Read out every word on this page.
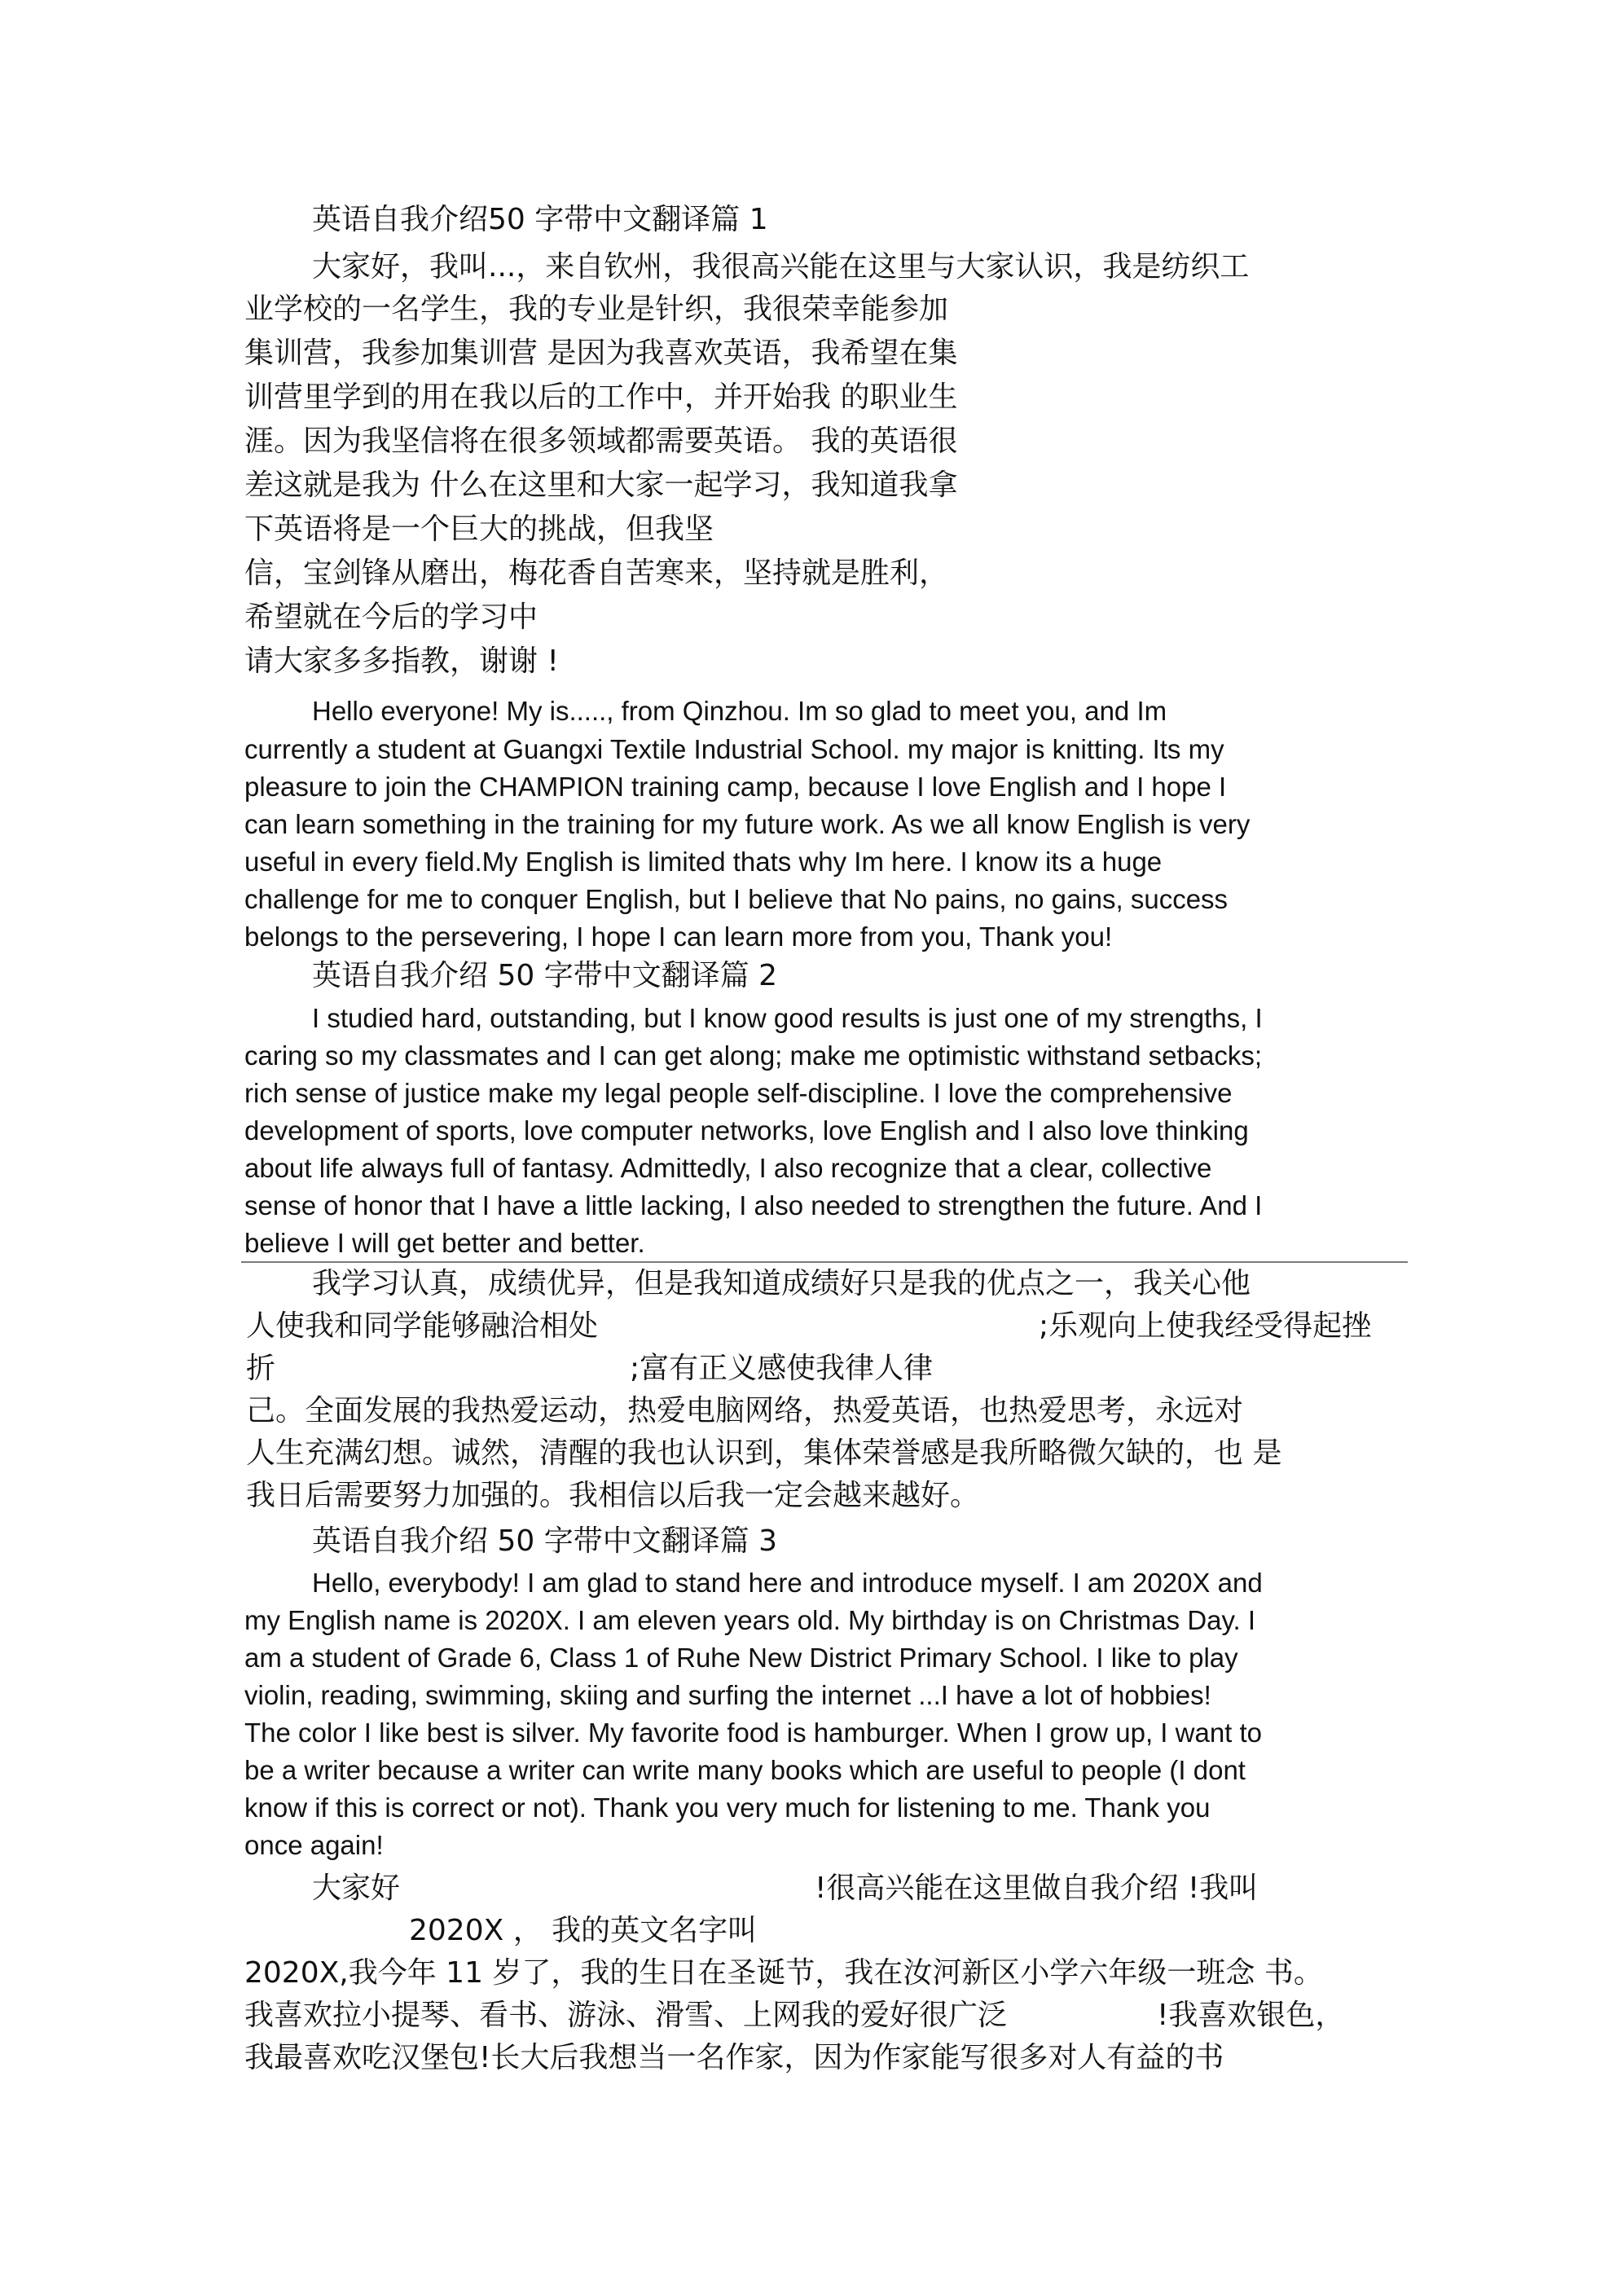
英语自我介绍50 字带中文翻译篇 1
大家好，我叫...，来自钦州，我很高兴能在这里与大家认识，我是纺织工
业学校的一名学生，我的专业是针织，我很荣幸能参加
集训营，我参加集训营 是因为我喜欢英语，我希望在集
训营里学到的用在我以后的工作中，并开始我 的职业生
涯。因为我坚信将在很多领域都需要英语。 我的英语很
差这就是我为 什么在这里和大家一起学习，我知道我拿
下英语将是一个巨大的挑战，但我坚
信，宝剑锋从磨出，梅花香自苦寒来，坚持就是胜利，
希望就在今后的学习中
请大家多多指教，谢谢 !
Hello everyone! My is....., from Qinzhou. Im so glad to meet you, and Im
currently a student at Guangxi Textile Industrial School. my major is knitting. Its my
pleasure to join the CHAMPION training camp, because I love English and I hope I
can learn something in the training for my future work. As we all know English is very
useful in every field.My English is limited thats why Im here. I know its a huge
challenge for me to conquer English, but I believe that No pains, no gains, success
belongs to the persevering, I hope I can learn more from you, Thank you!
英语自我介绍 50 字带中文翻译篇 2
I studied hard, outstanding, but I know good results is just one of my strengths, I
caring so my classmates and I can get along; make me optimistic withstand setbacks;
rich sense of justice make my legal people self-discipline. I love the comprehensive
development of sports, love computer networks, love English and I also love thinking
about life always full of fantasy. Admittedly, I also recognize that a clear, collective
sense of honor that I have a little lacking, I also needed to strengthen the future. And I
believe I will get better and better.
我学习认真，成绩优异，但是我知道成绩好只是我的优点之一，我关心他
人使我和同学能够融洽相处	;乐观向上使我经受得起挫
折	;富有正义感使我律人律
己。全面发展的我热爱运动，热爱电脑网络，热爱英语，也热爱思考，永远对
人生充满幻想。诚然，清醒的我也认识到，集体荣誉感是我所略微欠缺的，也 是
我日后需要努力加强的。我相信以后我一定会越来越好。
英语自我介绍 50 字带中文翻译篇 3
Hello, everybody! I am glad to stand here and introduce myself. I am 2020X and
my English name is 2020X. I am eleven years old. My birthday is on Christmas Day. I
am a student of Grade 6, Class 1 of Ruhe New District Primary School. I like to play
violin, reading, swimming, skiing and surfing the internet ...I have a lot of hobbies!
The color I like best is silver. My favorite food is hamburger. When I grow up, I want to
be a writer because a writer can write many books which are useful to people (I dont
know if this is correct or not). Thank you very much for listening to me. Thank you
once again!
大家好	!很高兴能在这里做自我介绍 !我叫
2020X ， 我的英文名字叫
2020X,我今年 11 岁了，我的生日在圣诞节，我在汝河新区小学六年级一班念 书。
我喜欢拉小提琴、看书、游泳、滑雪、上网我的爱好很广泛	!我喜欢银色，
我最喜欢吃汉堡包!长大后我想当一名作家，因为作家能写很多对人有益的书
